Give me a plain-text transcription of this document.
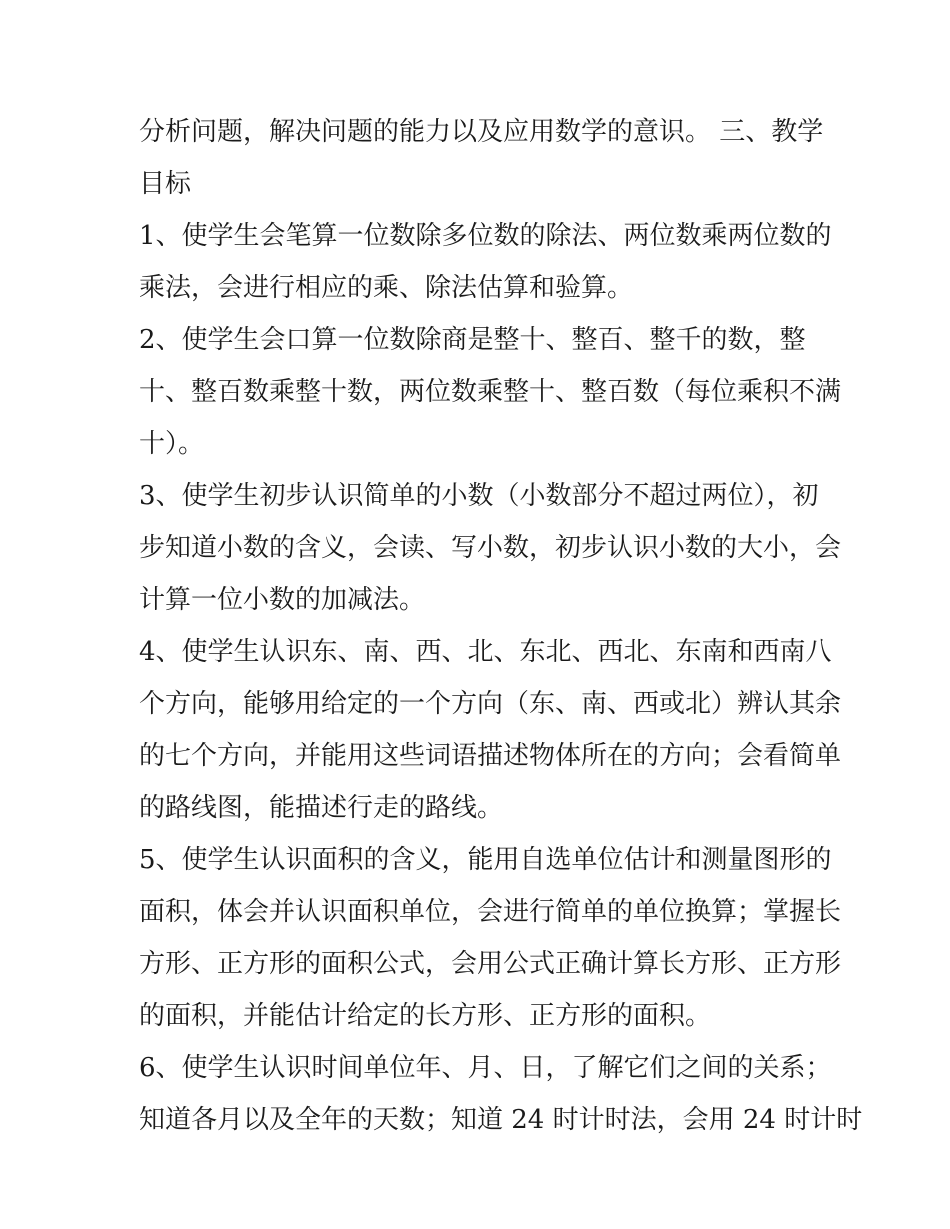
分析问题，解决问题的能力以及应用数学的意识。 三、教学
目标
1、使学生会笔算一位数除多位数的除法、两位数乘两位数的
乘法，会进行相应的乘、除法估算和验算。
2、使学生会口算一位数除商是整十、整百、整千的数，整
十、整百数乘整十数，两位数乘整十、整百数（每位乘积不满
十）。
3、使学生初步认识简单的小数（小数部分不超过两位），初
步知道小数的含义，会读、写小数，初步认识小数的大小，会
计算一位小数的加减法。
4、使学生认识东、南、西、北、东北、西北、东南和西南八
个方向，能够用给定的一个方向（东、南、西或北）辨认其余
的七个方向，并能用这些词语描述物体所在的方向；会看简单
的路线图，能描述行走的路线。
5、使学生认识面积的含义，能用自选单位估计和测量图形的
面积，体会并认识面积单位，会进行简单的单位换算；掌握长
方形、正方形的面积公式，会用公式正确计算长方形、正方形
的面积，并能估计给定的长方形、正方形的面积。
6、使学生认识时间单位年、月、日，了解它们之间的关系；
知道各月以及全年的天数；知道 24 时计时法，会用 24 时计时
